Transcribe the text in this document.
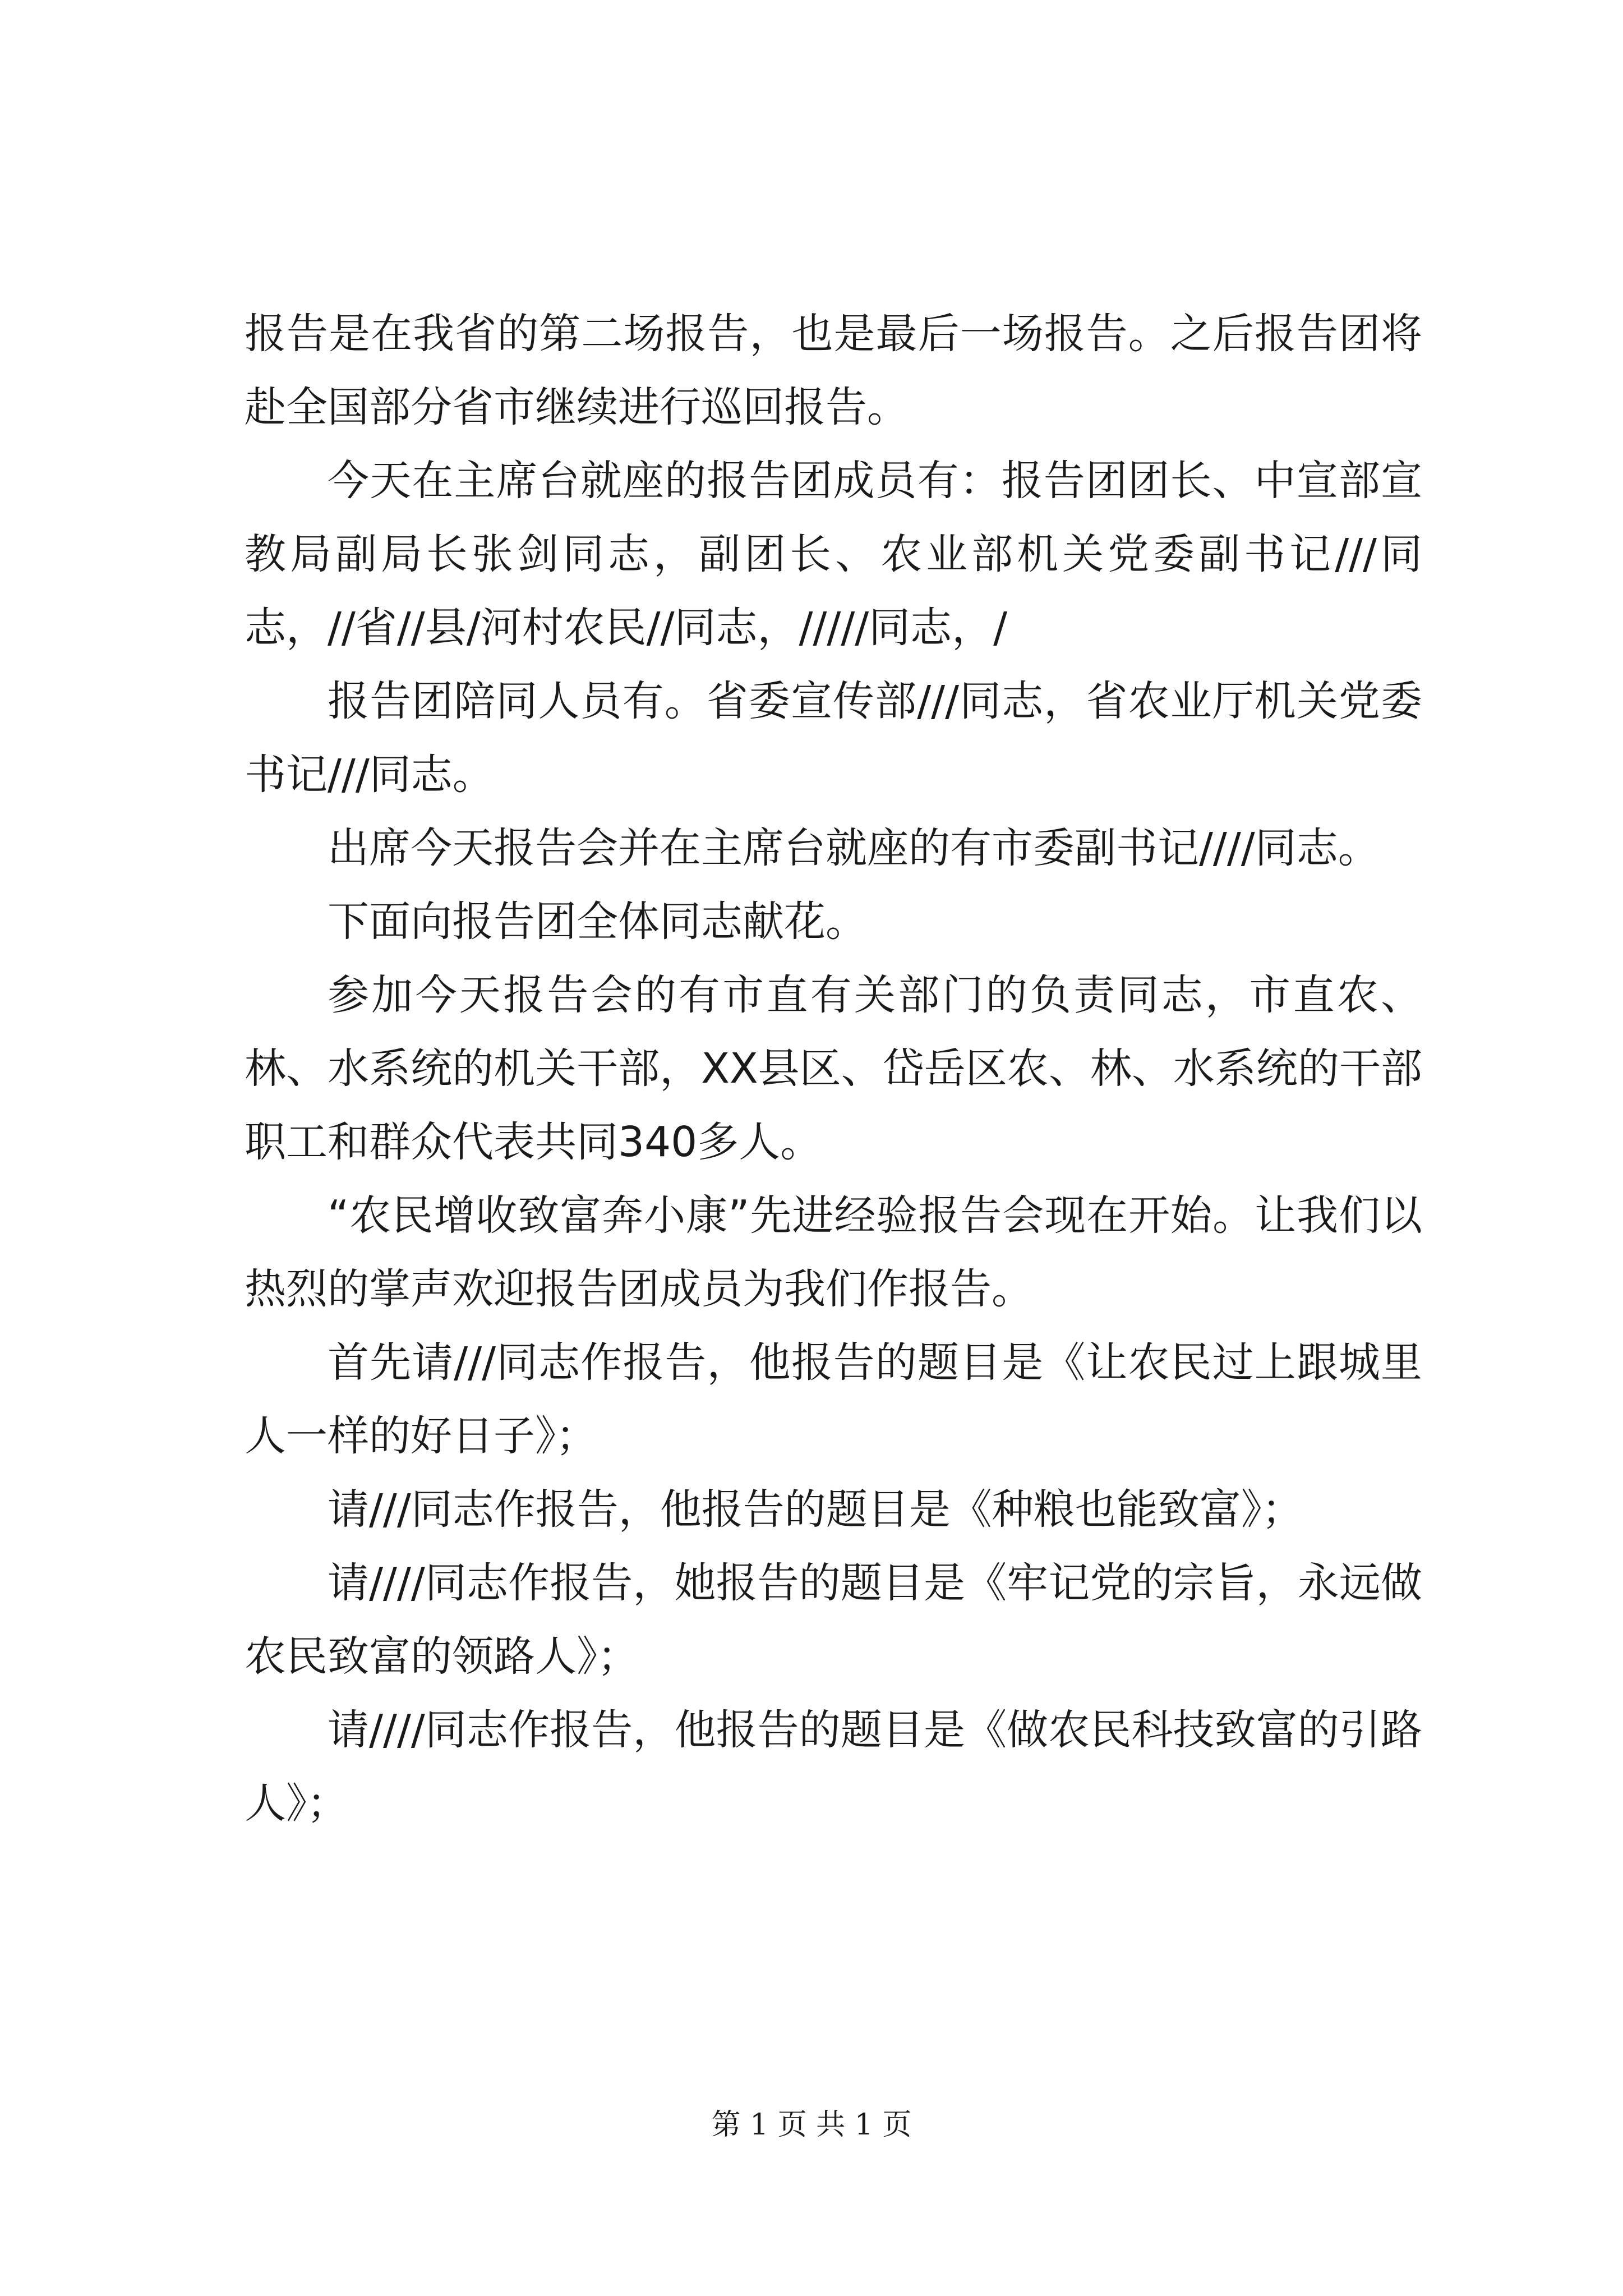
报告是在我省的第二场报告，也是最后一场报告。之后报告团将赴全国部分省市继续进行巡回报告。

今天在主席台就座的报告团成员有：报告团团长、中宣部宣教局副局长张剑同志，副团长、农业部机关党委副书记///同志，//省//县/河村农民//同志，/////同志，/

报告团陪同人员有。省委宣传部///同志，省农业厅机关党委书记///同志。

出席今天报告会并在主席台就座的有市委副书记////同志。

下面向报告团全体同志献花。

参加今天报告会的有市直有关部门的负责同志，市直农、林、水系统的机关干部，XX县区、岱岳区农、林、水系统的干部职工和群众代表共同340多人。

“农民增收致富奔小康”先进经验报告会现在开始。让我们以热烈的掌声欢迎报告团成员为我们作报告。

首先请///同志作报告，他报告的题目是《让农民过上跟城里人一样的好日子》；

请///同志作报告，他报告的题目是《种粮也能致富》；

请////同志作报告，她报告的题目是《牢记党的宗旨，永远做农民致富的领路人》；

请////同志作报告，他报告的题目是《做农民科技致富的引路人》；

第 1 页 共 1 页
